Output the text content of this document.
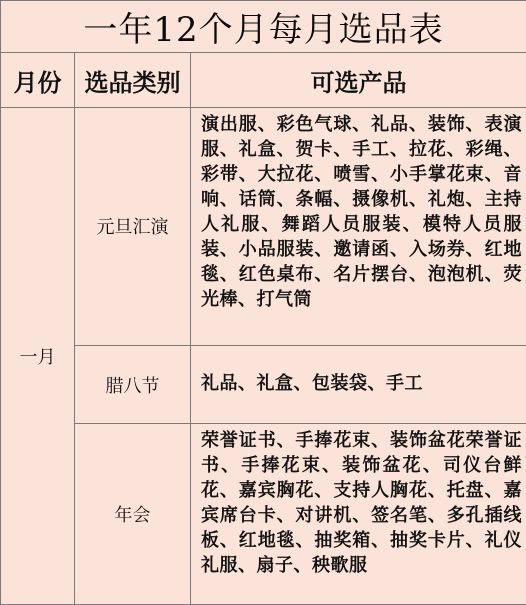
一年12个月每月选品表		
月份	选品类别	可选产品
一月	元旦汇演	演出服、彩色气球、礼品、装饰、表演服、礼盒、贺卡、手工、拉花、彩绳、彩带、大拉花、喷雪、小手掌花束、音响、话筒、条幅、摄像机、礼炮、主持人礼服、舞蹈人员服装、模特人员服装、小品服装、邀请函、入场券、红地毯、红色桌布、名片摆台、泡泡机、荧光棒、打气筒
	腊八节	礼品、礼盒、包装袋、手工
	年会	荣誉证书、手捧花束、装饰盆花荣誉证书、手捧花束、装饰盆花、司仪台鲜花、嘉宾胸花、支持人胸花、托盘、嘉宾席台卡、对讲机、签名笔、多孔插线板、红地毯、抽奖箱、抽奖卡片、礼仪礼服、扇子、秧歌服
